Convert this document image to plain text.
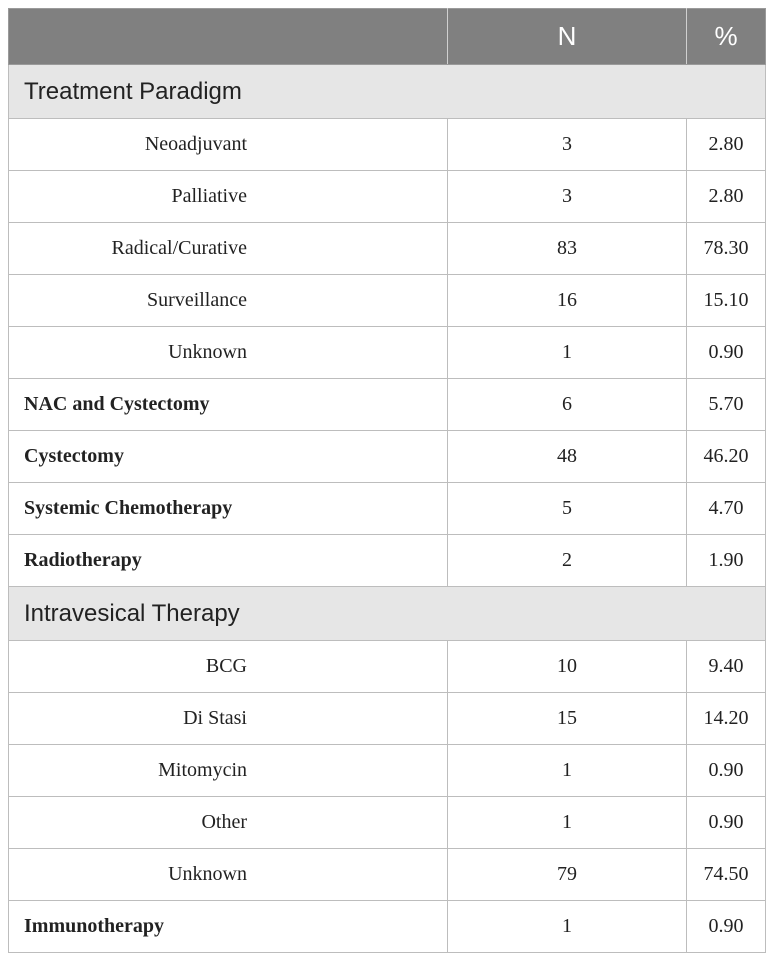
	N	%
Treatment Paradigm		
Neoadjuvant	3	2.80
Palliative	3	2.80
Radical/Curative	83	78.30
Surveillance	16	15.10
Unknown	1	0.90
NAC and Cystectomy	6	5.70
Cystectomy	48	46.20
Systemic Chemotherapy	5	4.70
Radiotherapy	2	1.90
Intravesical Therapy		
BCG	10	9.40
Di Stasi	15	14.20
Mitomycin	1	0.90
Other	1	0.90
Unknown	79	74.50
Immunotherapy	1	0.90
